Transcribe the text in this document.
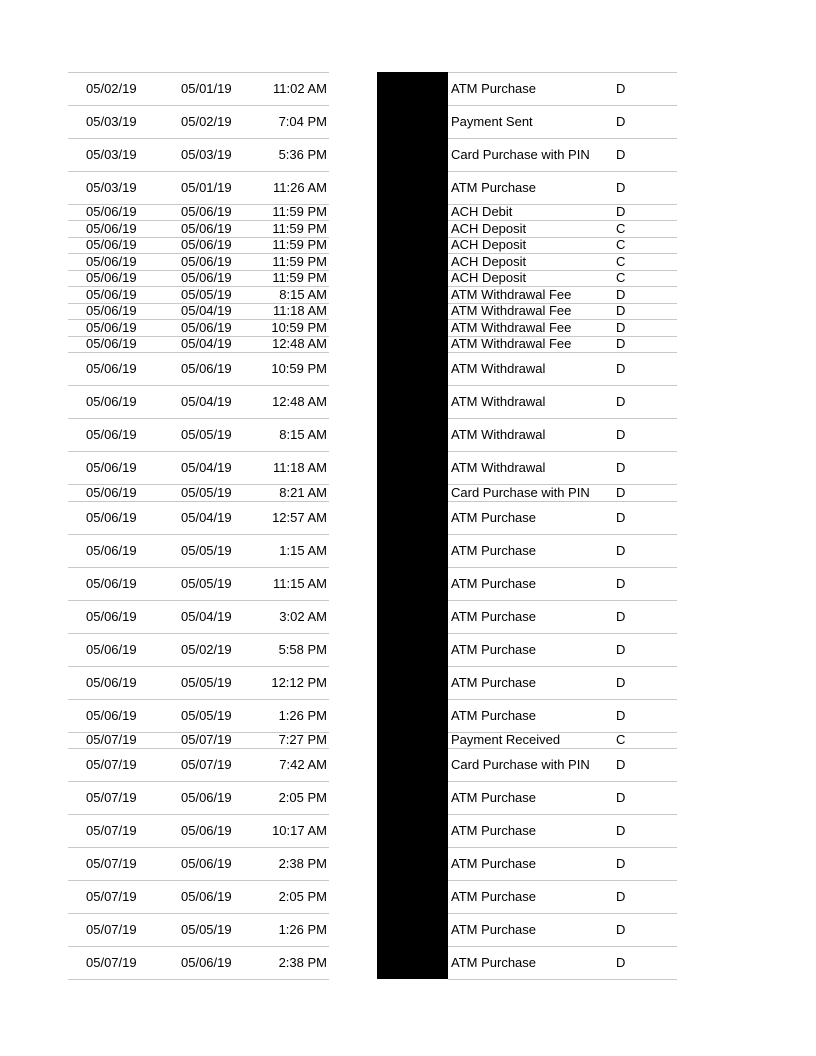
05/02/19	05/01/19	11:02 AM	ATM Purchase	D
05/03/19	05/02/19	7:04 PM	Payment Sent	D
05/03/19	05/03/19	5:36 PM	Card Purchase with PIN D
05/03/19	05/01/19	11:26 AM	ATM Purchase	D
05/06/19	05/06/19	11:59 PM	ACH Debit	D
05/06/19	05/06/19	11:59 PM	ACH Deposit	C
05/06/19	05/06/19	11:59 PM	ACH Deposit	C
05/06/19	05/06/19	11:59 PM	ACH Deposit	C
05/06/19	05/06/19	11:59 PM	ACH Deposit	C
05/06/19	05/05/19	8:15 AM	ATM Withdrawal Fee	D
05/06/19	05/04/19	11:18 AM	ATM Withdrawal Fee	D
05/06/19	05/06/19	10:59 PM	ATM Withdrawal Fee	D
05/06/19	05/04/19	12:48 AM	ATM Withdrawal Fee	D
05/06/19	05/06/19	10:59 PM	ATM Withdrawal	D
05/06/19	05/04/19	12:48 AM	ATM Withdrawal	D
05/06/19	05/05/19	8:15 AM	ATM Withdrawal	D
05/06/19	05/04/19	11:18 AM	ATM Withdrawal	D
05/06/19	05/05/19	8:21 AM	Card Purchase with PIN D
05/06/19	05/04/19	12:57 AM	ATM Purchase	D
05/06/19	05/05/19	1:15 AM	ATM Purchase	D
05/06/19	05/05/19	11:15 AM	ATM Purchase	D
05/06/19	05/04/19	3:02 AM	ATM Purchase	D
05/06/19	05/02/19	5:58 PM	ATM Purchase	D
05/06/19	05/05/19	12:12 PM	ATM Purchase	D
05/06/19	05/05/19	1:26 PM	ATM Purchase	D
05/07/19	05/07/19	7:27 PM	Payment Received	C
05/07/19	05/07/19	7:42 AM	Card Purchase with PIN D
05/07/19	05/06/19	2:05 PM	ATM Purchase	D
05/07/19	05/06/19	10:17 AM	ATM Purchase	D
05/07/19	05/06/19	2:38 PM	ATM Purchase	D
05/07/19	05/06/19	2:05 PM	ATM Purchase	D
05/07/19	05/05/19	1:26 PM	ATM Purchase	D
05/07/19	05/06/19	2:38 PM	ATM Purchase	D
